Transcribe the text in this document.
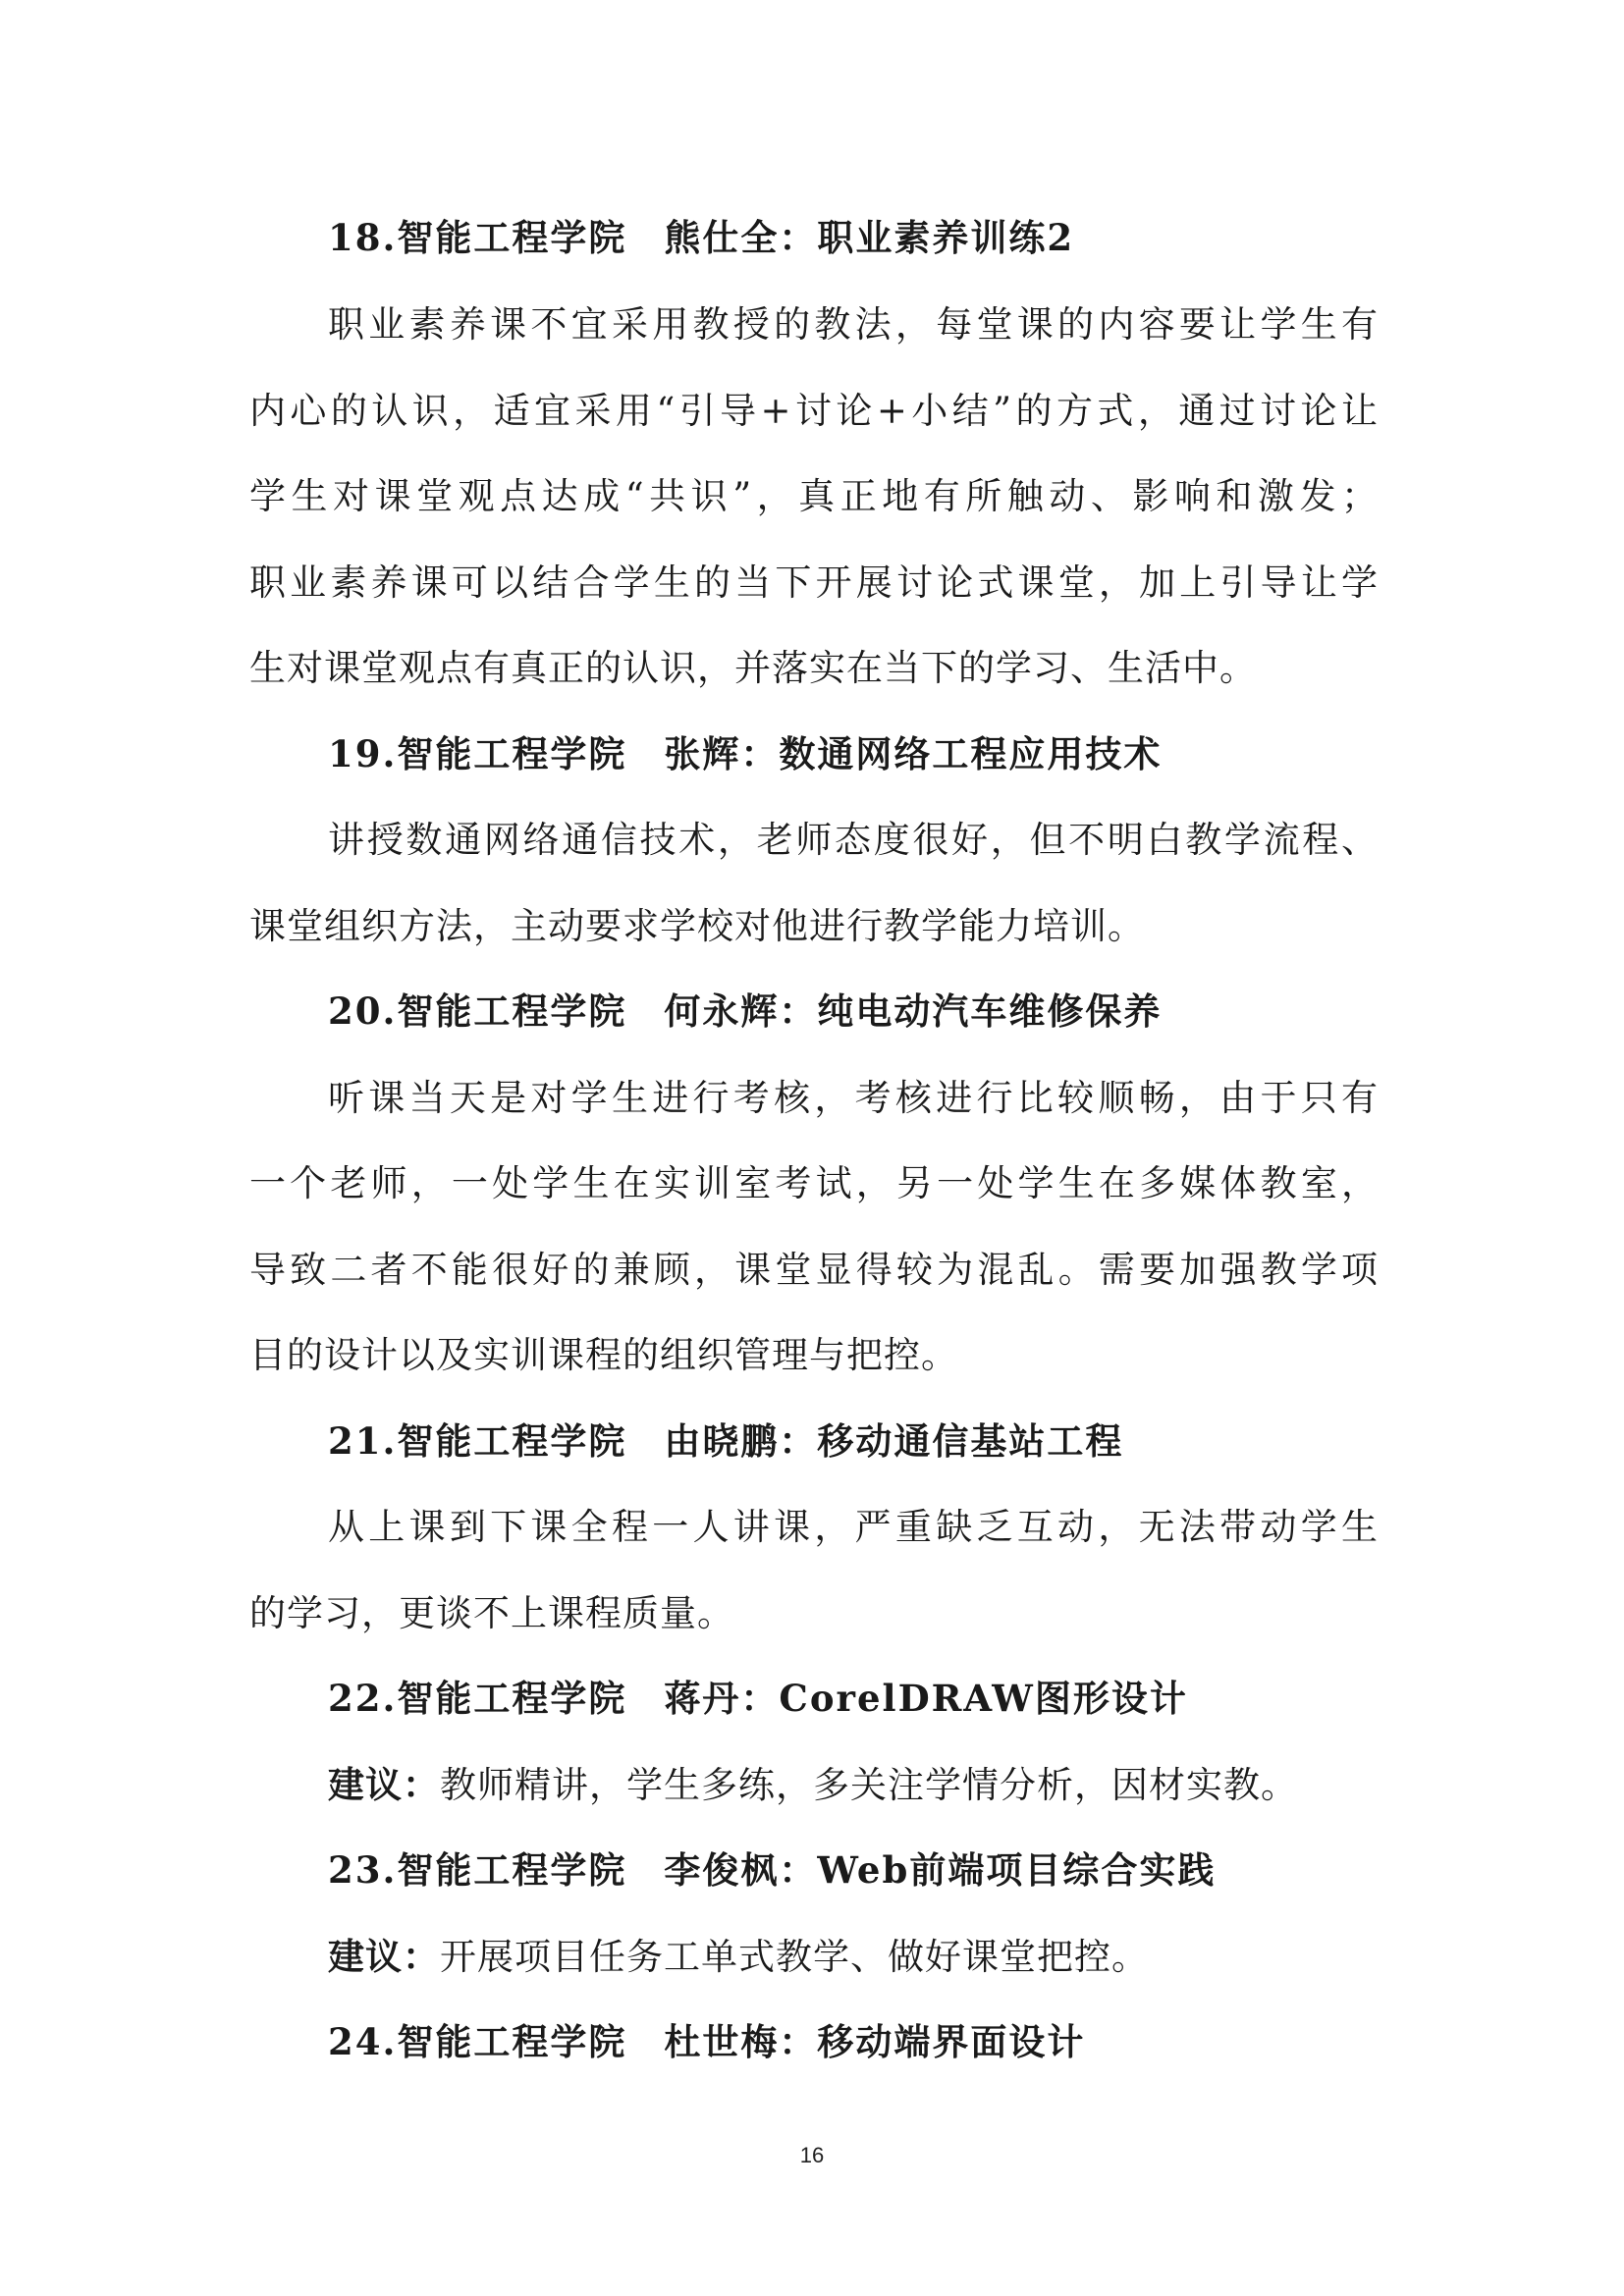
18.智能工程学院 熊仕全：职业素养训练2
职业素养课不宜采用教授的教法，每堂课的内容要让学生有
内心的认识，适宜采用“引导+讨论+小结”的方式，通过讨论让
学生对课堂观点达成“共识”，真正地有所触动、影响和激发；
职业素养课可以结合学生的当下开展讨论式课堂，加上引导让学
生对课堂观点有真正的认识，并落实在当下的学习、生活中。
19.智能工程学院 张辉：数通网络工程应用技术
讲授数通网络通信技术，老师态度很好，但不明白教学流程、
课堂组织方法，主动要求学校对他进行教学能力培训。
20.智能工程学院 何永辉：纯电动汽车维修保养
听课当天是对学生进行考核，考核进行比较顺畅，由于只有
一个老师，一处学生在实训室考试，另一处学生在多媒体教室，
导致二者不能很好的兼顾，课堂显得较为混乱。需要加强教学项
目的设计以及实训课程的组织管理与把控。
21.智能工程学院 由晓鹏：移动通信基站工程
从上课到下课全程一人讲课，严重缺乏互动，无法带动学生
的学习，更谈不上课程质量。
22.智能工程学院 蒋丹：CorelDRAW图形设计
建议：教师精讲，学生多练，多关注学情分析，因材实教。
23.智能工程学院 李俊枫：Web前端项目综合实践
建议：开展项目任务工单式教学、做好课堂把控。
24.智能工程学院 杜世梅：移动端界面设计
16
